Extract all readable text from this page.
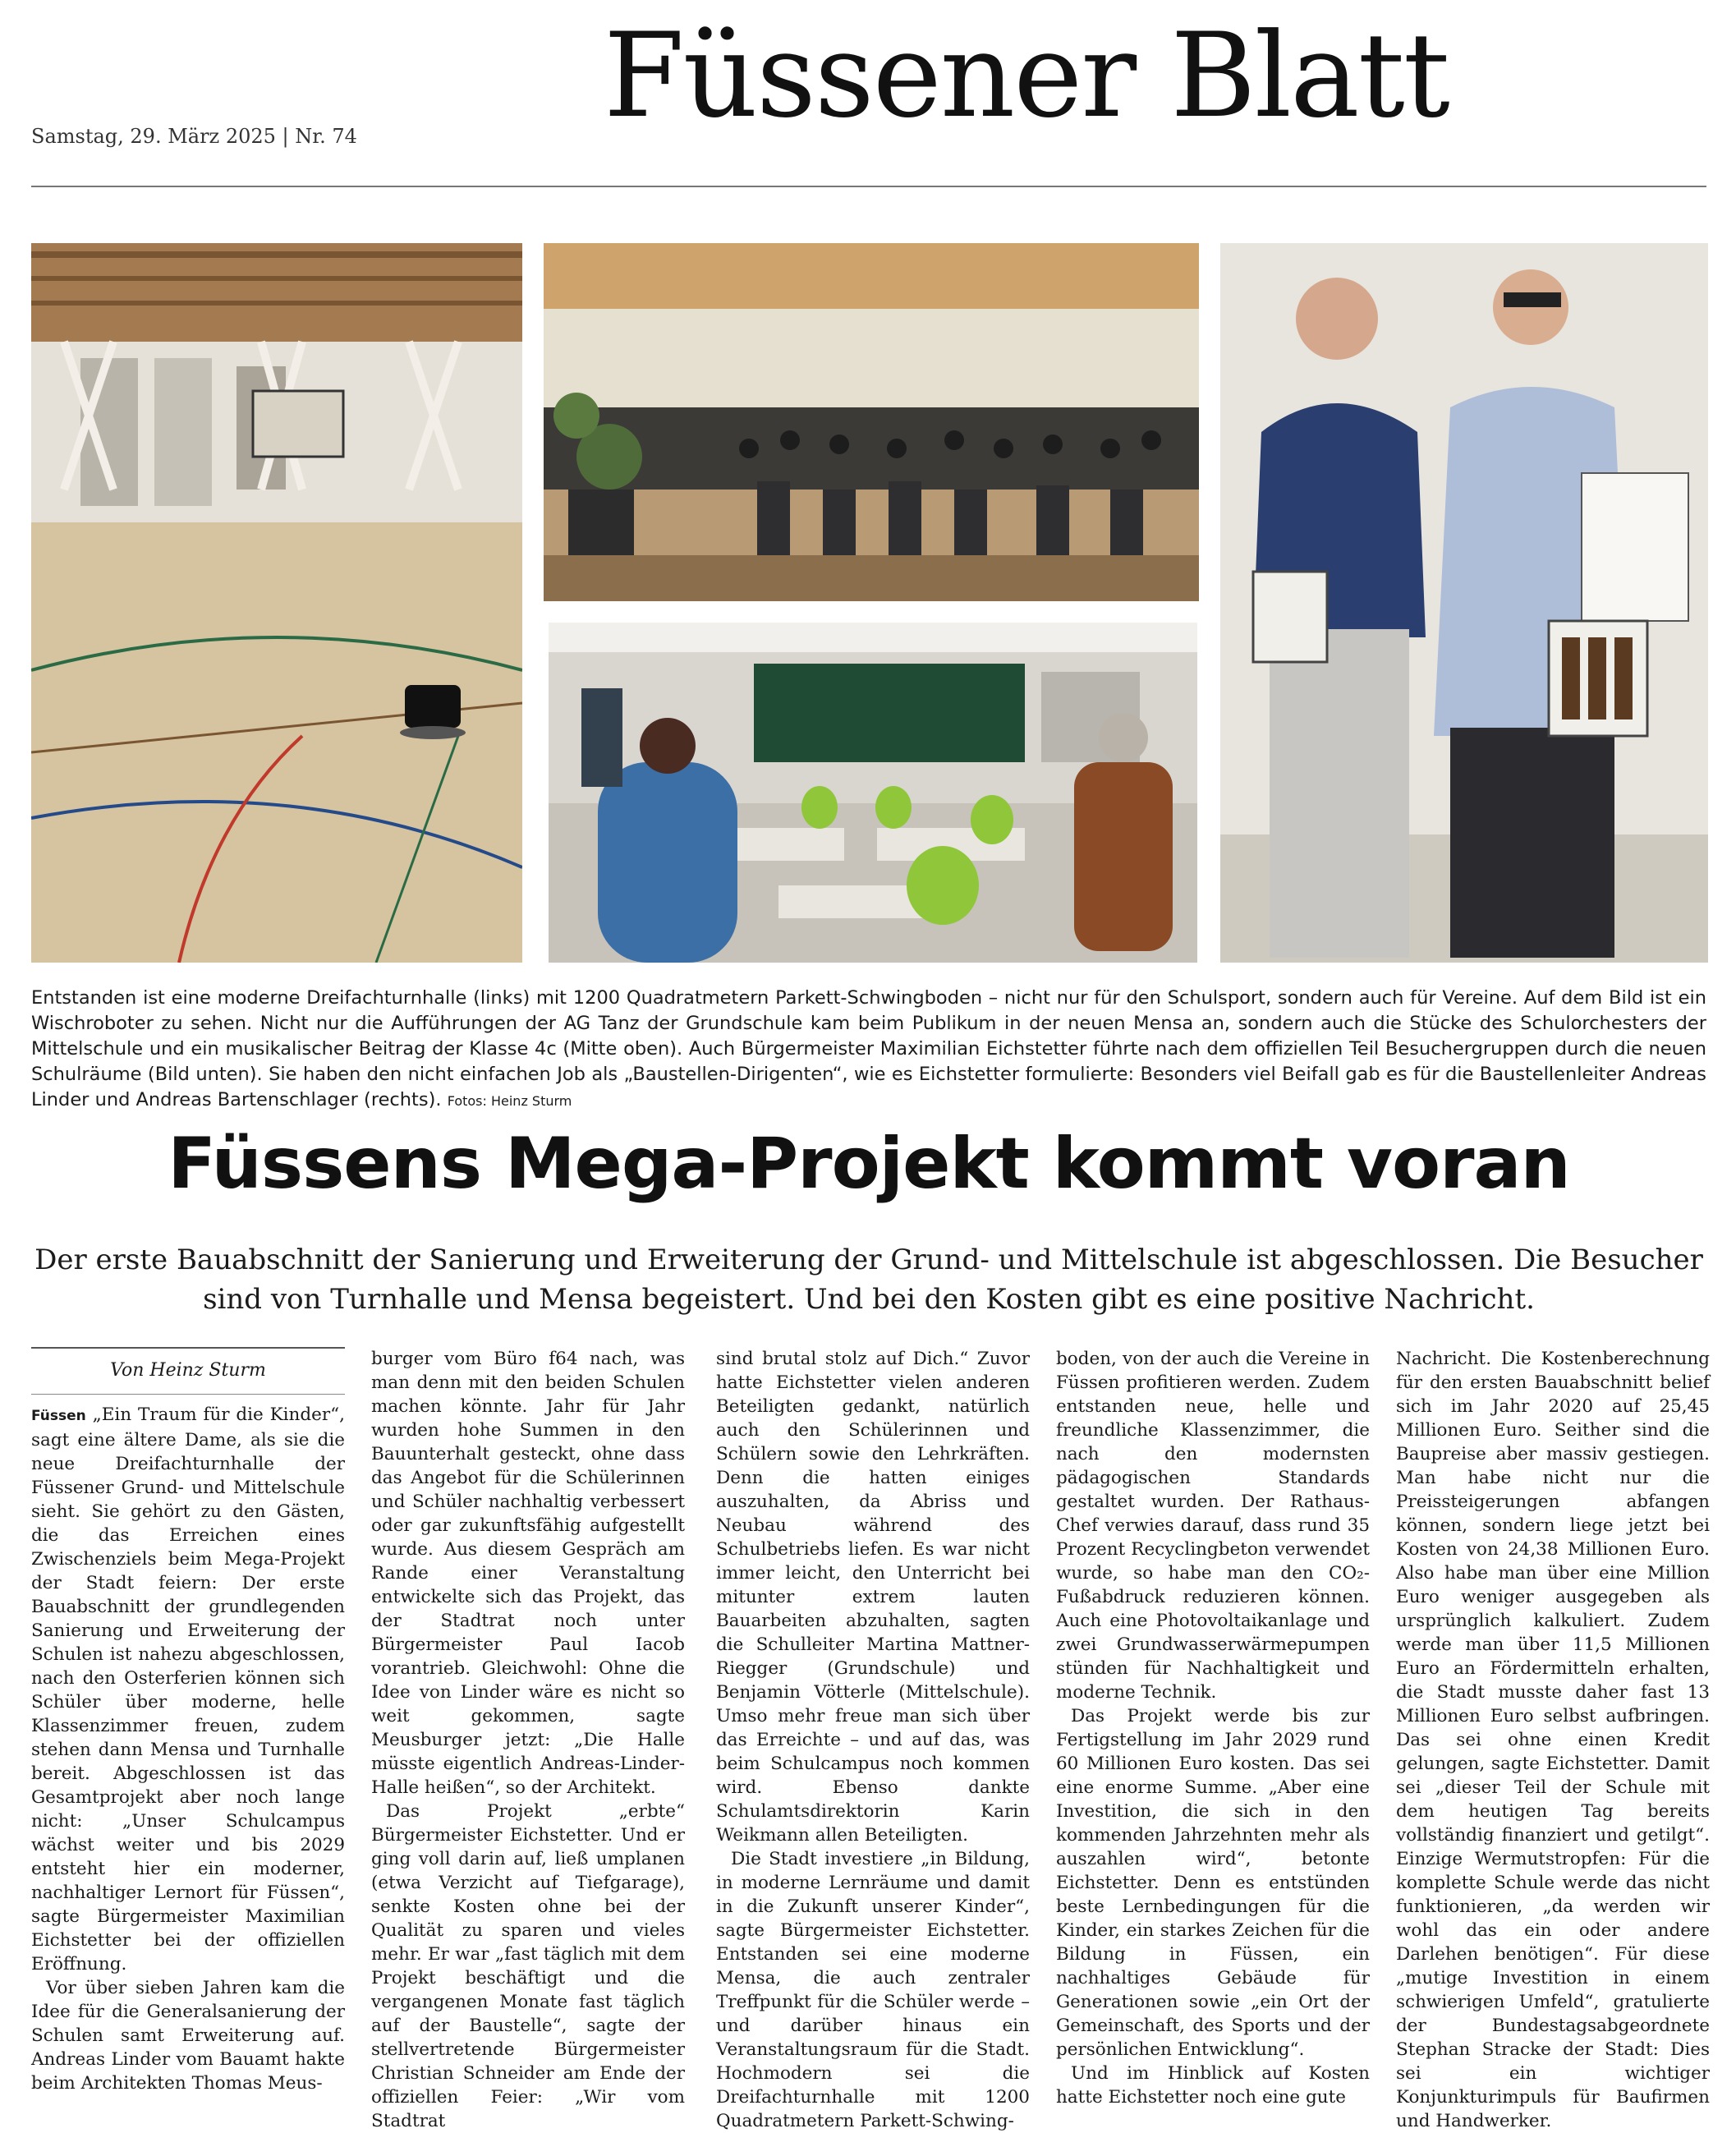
Füssener Blatt
Samstag, 29. März 2025 | Nr. 74
Entstanden ist eine moderne Dreifachturnhalle (links) mit 1200 Quadratmetern Parkett-Schwingboden – nicht nur für den Schulsport, sondern auch für Vereine. Auf dem Bild ist ein Wischroboter zu sehen. Nicht nur die Aufführungen der AG Tanz der Grundschule kam beim Publikum in der neuen Mensa an, sondern auch die Stücke des Schulorchesters der Mittelschule und ein musikalischer Beitrag der Klasse 4c (Mitte oben). Auch Bürgermeister Maximilian Eichstetter führte nach dem offiziellen Teil Besuchergruppen durch die neuen Schulräume (Bild unten). Sie haben den nicht einfachen Job als „Baustellen-Dirigenten“, wie es Eichstetter formulierte: Besonders viel Beifall gab es für die Baustellenleiter Andreas Linder und Andreas Bartenschlager (rechts). Fotos: Heinz Sturm
Füssens Mega-Projekt kommt voran
Der erste Bauabschnitt der Sanierung und Erweiterung der Grund- und Mittelschule ist abgeschlossen. Die Besucher sind von Turnhalle und Mensa begeistert. Und bei den Kosten gibt es eine positive Nachricht.
Von Heinz Sturm

Füssen „Ein Traum für die Kinder“, sagt eine ältere Dame, als sie die neue Dreifachturnhalle der Füssener Grund- und Mittelschule sieht. Sie gehört zu den Gästen, die das Erreichen eines Zwischenziels beim Mega-Projekt der Stadt feiern: Der erste Bauabschnitt der grundlegenden Sanierung und Erweiterung der Schulen ist nahezu abgeschlossen, nach den Osterferien können sich Schüler über moderne, helle Klassenzimmer freuen, zudem stehen dann Mensa und Turnhalle bereit. Abgeschlossen ist das Gesamtprojekt aber noch lange nicht: „Unser Schulcampus wächst weiter und bis 2029 entsteht hier ein moderner, nachhaltiger Lernort für Füssen“, sagte Bürgermeister Maximilian Eichstetter bei der offiziellen Eröffnung.

Vor über sieben Jahren kam die Idee für die Generalsanierung der Schulen samt Erweiterung auf. Andreas Linder vom Bauamt hakte beim Architekten Thomas Meus-

burger vom Büro f64 nach, was man denn mit den beiden Schulen machen könnte. Jahr für Jahr wurden hohe Summen in den Bauunterhalt gesteckt, ohne dass das Angebot für die Schülerinnen und Schüler nachhaltig verbessert oder gar zukunftsfähig aufgestellt wurde. Aus diesem Gespräch am Rande einer Veranstaltung entwickelte sich das Projekt, das der Stadtrat noch unter Bürgermeister Paul Iacob vorantrieb. Gleichwohl: Ohne die Idee von Linder wäre es nicht so weit gekommen, sagte Meusburger jetzt: „Die Halle müsste eigentlich Andreas-Linder-Halle heißen“, so der Architekt.

Das Projekt „erbte“ Bürgermeister Eichstetter. Und er ging voll darin auf, ließ umplanen (etwa Verzicht auf Tiefgarage), senkte Kosten ohne bei der Qualität zu sparen und vieles mehr. Er war „fast täglich mit dem Projekt beschäftigt und die vergangenen Monate fast täglich auf der Baustelle“, sagte der stellvertretende Bürgermeister Christian Schneider am Ende der offiziellen Feier: „Wir vom Stadtrat

sind brutal stolz auf Dich.“ Zuvor hatte Eichstetter vielen anderen Beteiligten gedankt, natürlich auch den Schülerinnen und Schülern sowie den Lehrkräften. Denn die hatten einiges auszuhalten, da Abriss und Neubau während des Schulbetriebs liefen. Es war nicht immer leicht, den Unterricht bei mitunter extrem lauten Bauarbeiten abzuhalten, sagten die Schulleiter Martina Mattner-Riegger (Grundschule) und Benjamin Vötterle (Mittelschule). Umso mehr freue man sich über das Erreichte – und auf das, was beim Schulcampus noch kommen wird. Ebenso dankte Schulamtsdirektorin Karin Weikmann allen Beteiligten.

Die Stadt investiere „in Bildung, in moderne Lernräume und damit in die Zukunft unserer Kinder“, sagte Bürgermeister Eichstetter. Entstanden sei eine moderne Mensa, die auch zentraler Treffpunkt für die Schüler werde – und darüber hinaus ein Veranstaltungsraum für die Stadt. Hochmodern sei die Dreifachturnhalle mit 1200 Quadratmetern Parkett-Schwing-

boden, von der auch die Vereine in Füssen profitieren werden. Zudem entstanden neue, helle und freundliche Klassenzimmer, die nach den modernsten pädagogischen Standards gestaltet wurden. Der Rathaus-Chef verwies darauf, dass rund 35 Prozent Recyclingbeton verwendet wurde, so habe man den CO₂-Fußabdruck reduzieren können. Auch eine Photovoltaikanlage und zwei Grundwasserwärmepumpen stünden für Nachhaltigkeit und moderne Technik.

Das Projekt werde bis zur Fertigstellung im Jahr 2029 rund 60 Millionen Euro kosten. Das sei eine enorme Summe. „Aber eine Investition, die sich in den kommenden Jahrzehnten mehr als auszahlen wird“, betonte Eichstetter. Denn es entstünden beste Lernbedingungen für die Kinder, ein starkes Zeichen für die Bildung in Füssen, ein nachhaltiges Gebäude für Generationen sowie „ein Ort der Gemeinschaft, des Sports und der persönlichen Entwicklung“.

Und im Hinblick auf Kosten hatte Eichstetter noch eine gute

Nachricht. Die Kostenberechnung für den ersten Bauabschnitt belief sich im Jahr 2020 auf 25,45 Millionen Euro. Seither sind die Baupreise aber massiv gestiegen. Man habe nicht nur die Preissteigerungen abfangen können, sondern liege jetzt bei Kosten von 24,38 Millionen Euro. Also habe man über eine Million Euro weniger ausgegeben als ursprünglich kalkuliert. Zudem werde man über 11,5 Millionen Euro an Fördermitteln erhalten, die Stadt musste daher fast 13 Millionen Euro selbst aufbringen. Das sei ohne einen Kredit gelungen, sagte Eichstetter. Damit sei „dieser Teil der Schule mit dem heutigen Tag bereits vollständig finanziert und getilgt“. Einzige Wermutstropfen: Für die komplette Schule werde das nicht funktionieren, „da werden wir wohl das ein oder andere Darlehen benötigen“. Für diese „mutige Investition in einem schwierigen Umfeld“, gratulierte der Bundestagsabgeordnete Stephan Stracke der Stadt: Dies sei ein wichtiger Konjunkturimpuls für Baufirmen und Handwerker.
